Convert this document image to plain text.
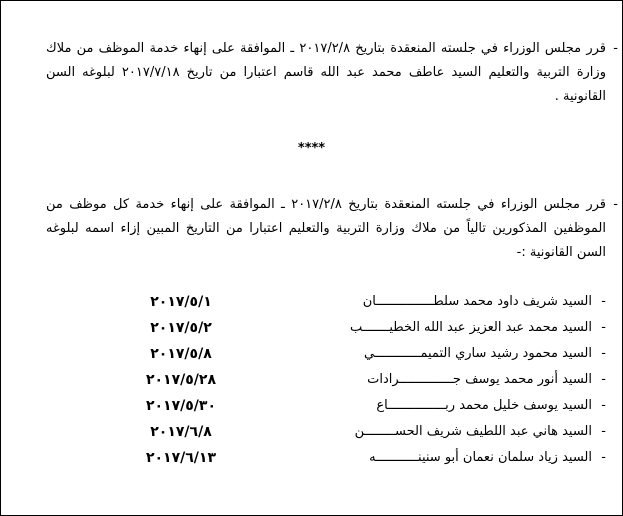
-
قرر مجلس الوزراء في جلسته المنعقدة بتاريخ ٢٠١٧/٢/٨ ـ الموافقة على إنهاء خدمة الموظف من ملاك وزارة التربية والتعليم السيد عاطف محمد عبد الله قاسم اعتبارا من تاريخ ٢٠١٧/٧/١٨ لبلوغه السن القانونية .
****
-
قرر مجلس الوزراء في جلسته المنعقدة بتاريخ ٢٠١٧/٢/٨ ـ الموافقة على إنهاء خدمة كل موظف من الموظفين المذكورين تالياً من ملاك وزارة التربية والتعليم اعتبارا من التاريخ المبين إزاء اسمه لبلوغه السن القانونية :-
-
السيد شريف داود محمد سلطـــــــــــــــان
٢٠١٧/٥/١
-
السيد محمد عبد العزيز عبد الله الخطيـــــــب
٢٠١٧/٥/٢
-
السيد محمود رشيد ساري التميمــــــــــــي
٢٠١٧/٥/٨
-
السيد أنور محمد يوسف جــــــــــــــرادات
٢٠١٧/٥/٢٨
-
السيد يوسف خليل محمد ربـــــــــــــــاع
٢٠١٧/٥/٣٠
-
السيد هاني عبد اللطيف شريف الحســــــــن
٢٠١٧/٦/٨
-
السيد زياد سلمان نعمان أبو سنينـــــــــــه
٢٠١٧/٦/١٣
